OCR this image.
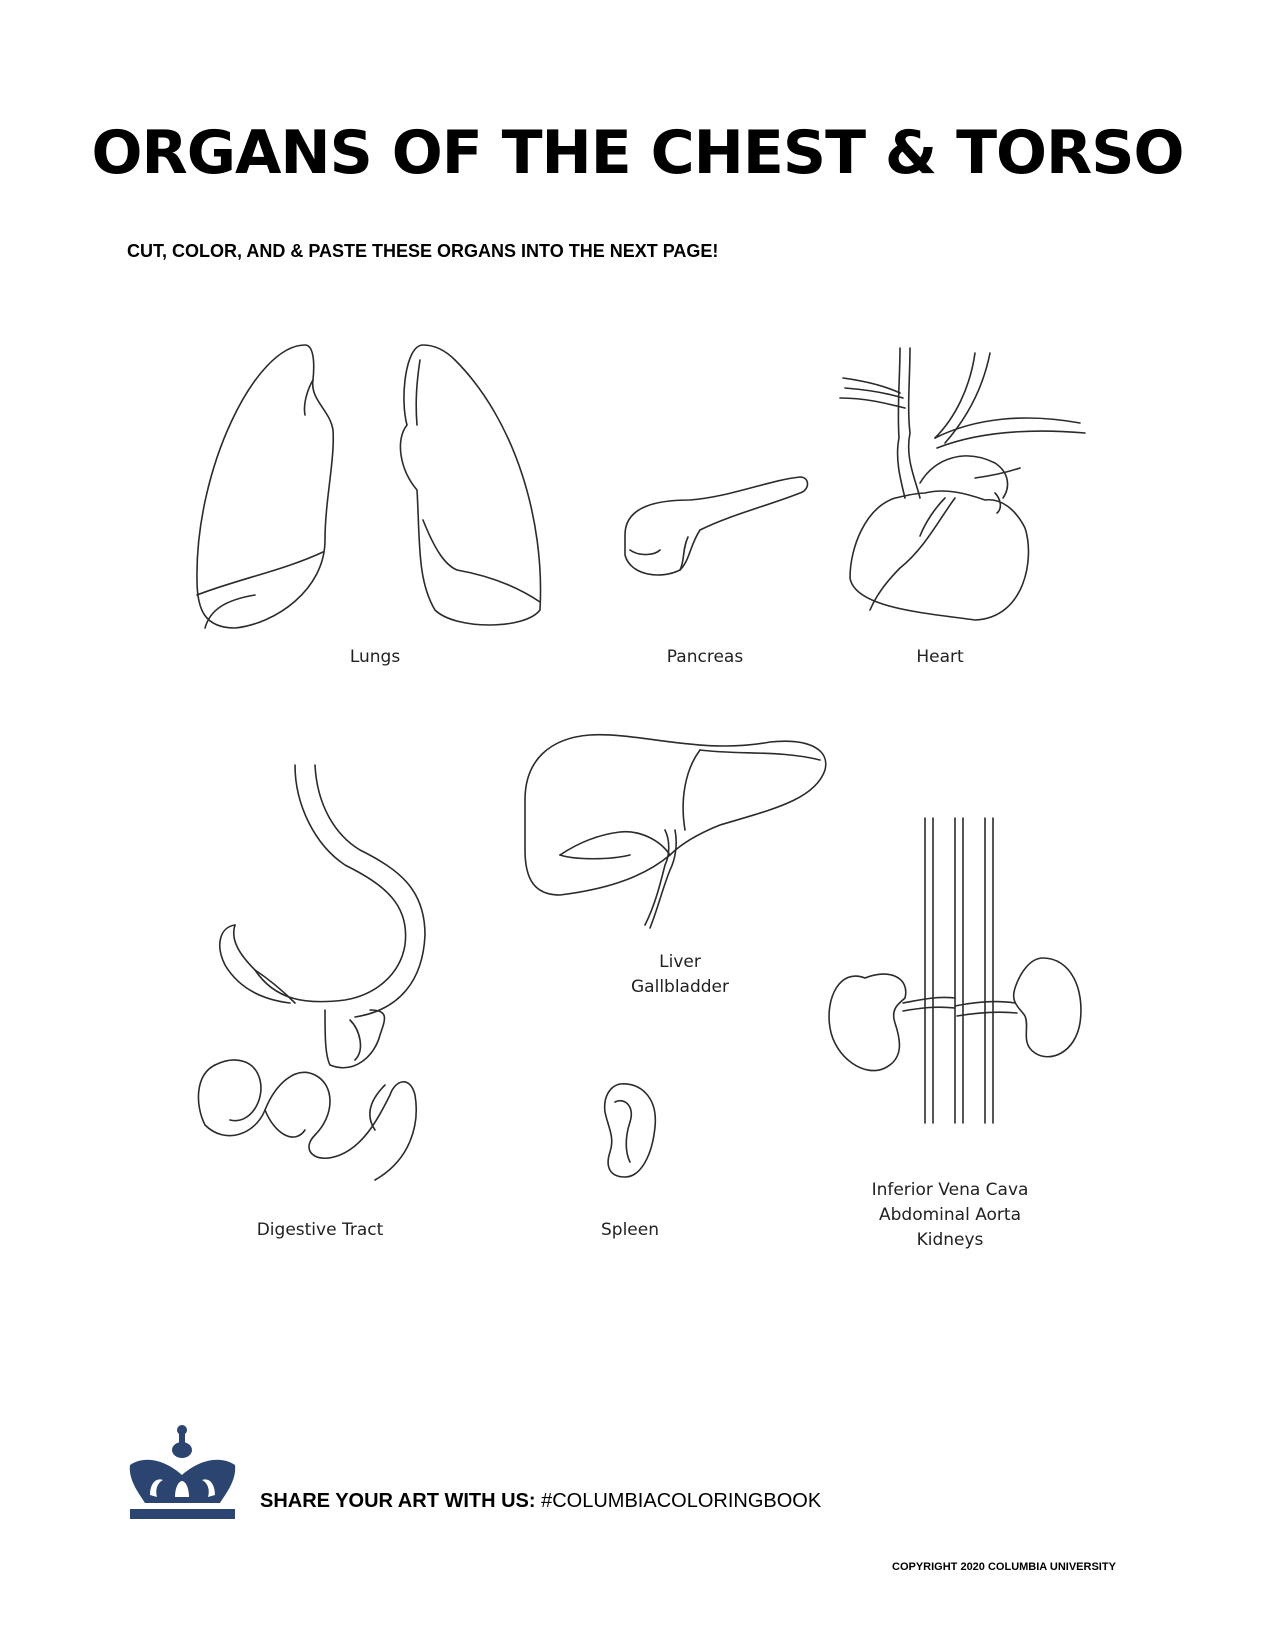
ORGANS OF THE CHEST & TORSO

CUT, COLOR, AND & PASTE THESE ORGANS INTO THE NEXT PAGE!

Lungs	Pancreas	Heart
Digestive Tract
Liver
Gallbladder
Spleen
Inferior Vena Cava
Abdominal Aorta
Kidneys
SHARE YOUR ART WITH US: #COLUMBIACOLORINGBOOK
COPYRIGHT 2020 COLUMBIA UNIVERSITY
